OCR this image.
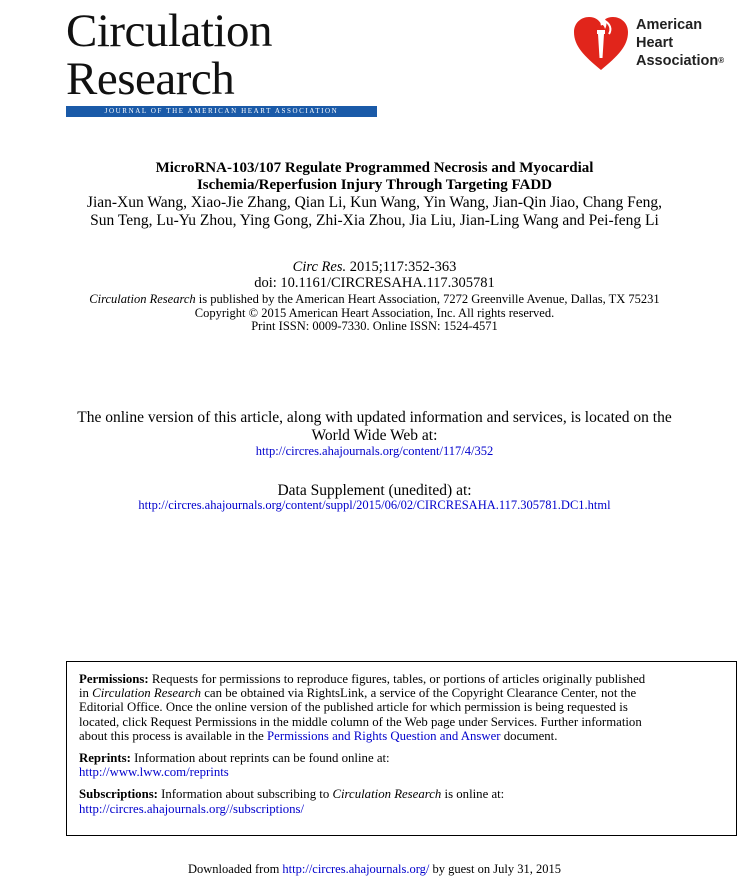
Circulation
Research
JOURNAL OF THE AMERICAN HEART ASSOCIATION
American
Heart
Association®
MicroRNA-103/107 Regulate Programmed Necrosis and Myocardial
Ischemia/Reperfusion Injury Through Targeting FADD
Jian-Xun Wang, Xiao-Jie Zhang, Qian Li, Kun Wang, Yin Wang, Jian-Qin Jiao, Chang Feng,
Sun Teng, Lu-Yu Zhou, Ying Gong, Zhi-Xia Zhou, Jia Liu, Jian-Ling Wang and Pei-feng Li
Circ Res. 2015;117:352-363
doi: 10.1161/CIRCRESAHA.117.305781
Circulation Research is published by the American Heart Association, 7272 Greenville Avenue, Dallas, TX 75231
Copyright © 2015 American Heart Association, Inc. All rights reserved.
Print ISSN: 0009-7330. Online ISSN: 1524-4571
The online version of this article, along with updated information and services, is located on the
World Wide Web at:
http://circres.ahajournals.org/content/117/4/352
Data Supplement (unedited) at:
http://circres.ahajournals.org/content/suppl/2015/06/02/CIRCRESAHA.117.305781.DC1.html

Permissions: Requests for permissions to reproduce figures, tables, or portions of articles originally published

in Circulation Research can be obtained via RightsLink, a service of the Copyright Clearance Center, not the

Editorial Office. Once the online version of the published article for which permission is being requested is

located, click Request Permissions in the middle column of the Web page under Services. Further information

about this process is available in the Permissions and Rights Question and Answer document.

Reprints: Information about reprints can be found online at:

http://www.lww.com/reprints

Subscriptions: Information about subscribing to Circulation Research is online at:

http://circres.ahajournals.org//subscriptions/

Downloaded from http://circres.ahajournals.org/ by guest on July 31, 2015
